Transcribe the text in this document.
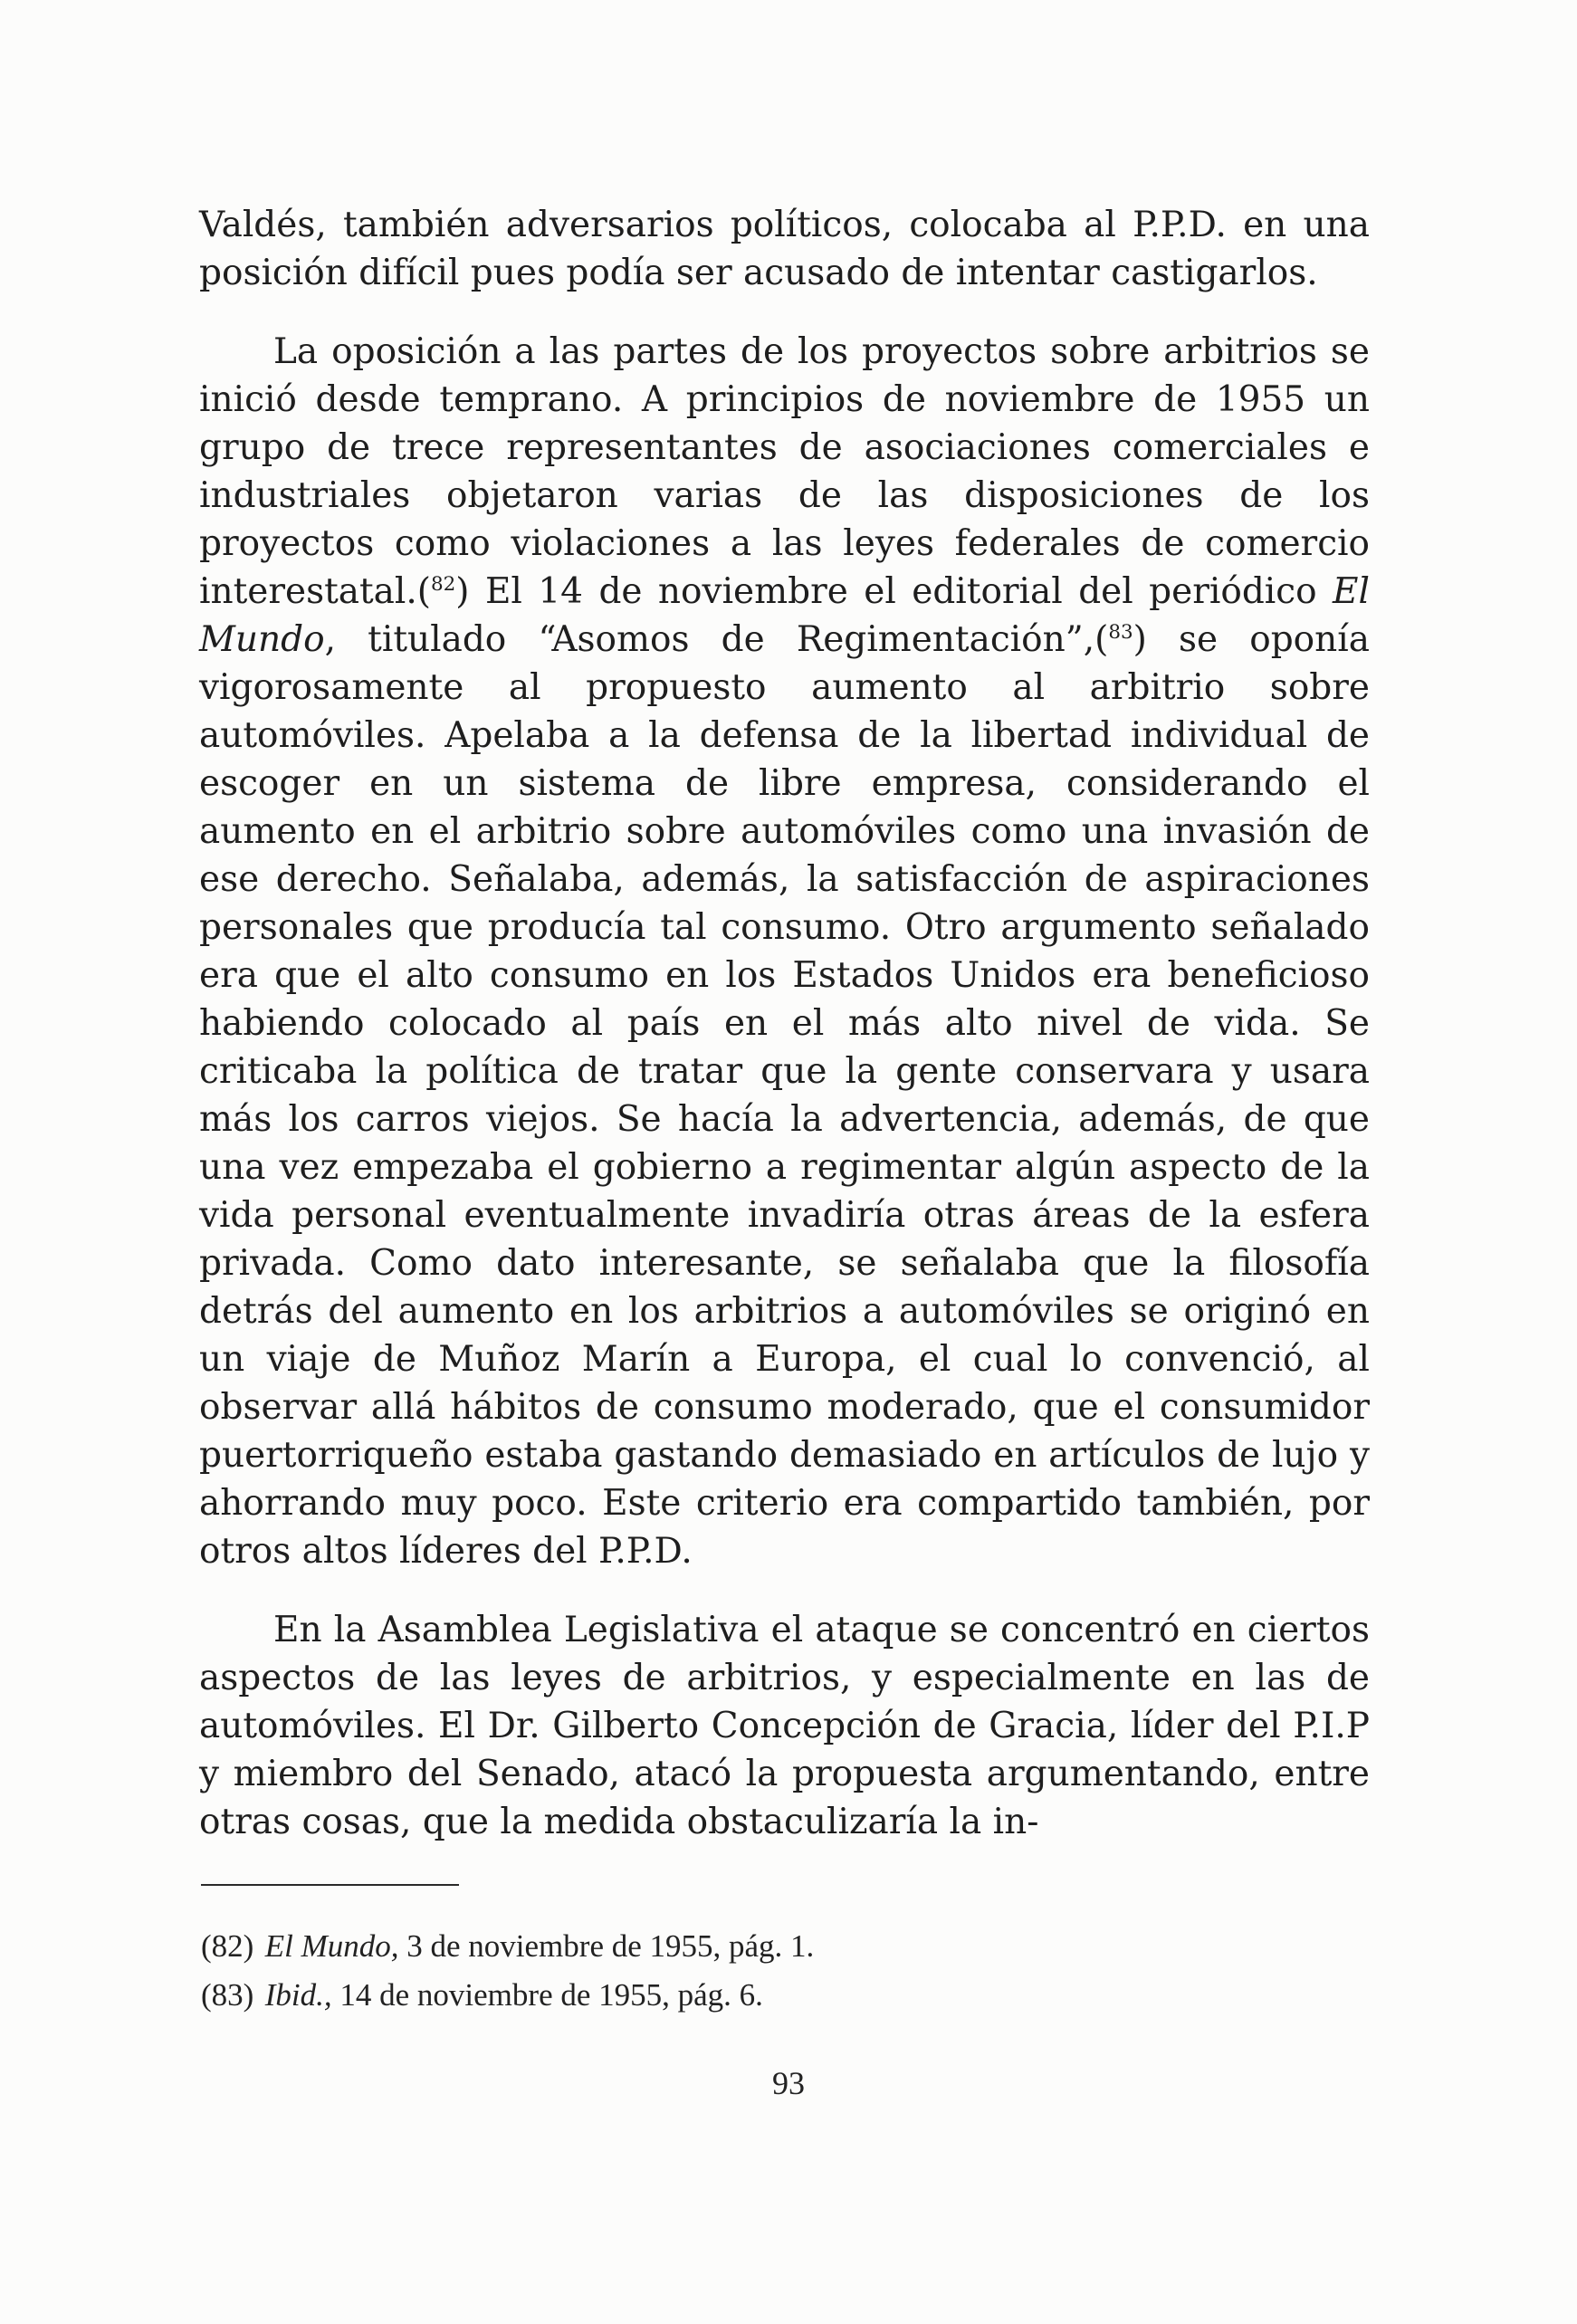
Valdés, también adversarios políticos, colocaba al P.P.D. en una posición difícil pues podía ser acusado de intentar castigarlos.

La oposición a las partes de los proyectos sobre arbitrios se inició desde temprano. A principios de noviembre de 1955 un grupo de trece representantes de asociaciones comerciales e industriales objetaron varias de las disposiciones de los proyectos como violaciones a las leyes federales de comercio interestatal.($^{82}$) El 14 de noviembre el editorial del periódico El Mundo, titulado “Asomos de Regimentación”,($^{83}$) se oponía vigorosamente al propuesto aumento al arbitrio sobre automóviles. Apelaba a la defensa de la libertad individual de escoger en un sistema de libre empresa, considerando el aumento en el arbitrio sobre automóviles como una invasión de ese derecho. Señalaba, además, la satisfacción de aspiraciones personales que producía tal consumo. Otro argumento señalado era que el alto consumo en los Estados Unidos era beneficioso habiendo colocado al país en el más alto nivel de vida. Se criticaba la política de tratar que la gente conservara y usara más los carros viejos. Se hacía la advertencia, además, de que una vez empezaba el gobierno a regimentar algún aspecto de la vida personal eventualmente invadiría otras áreas de la esfera privada. Como dato interesante, se señalaba que la filosofía detrás del aumento en los arbitrios a automóviles se originó en un viaje de Muñoz Marín a Europa, el cual lo convenció, al observar allá hábitos de consumo moderado, que el consumidor puertorriqueño estaba gastando demasiado en artículos de lujo y ahorrando muy poco. Este criterio era compartido también, por otros altos líderes del P.P.D.

En la Asamblea Legislativa el ataque se concentró en ciertos aspectos de las leyes de arbitrios, y especialmente en las de automóviles. El Dr. Gilberto Concepción de Gracia, líder del P.I.P y miembro del Senado, atacó la propuesta argumentando, entre otras cosas, que la medida obstaculizaría la in-

(82) El Mundo, 3 de noviembre de 1955, pág. 1.

(83) Ibid., 14 de noviembre de 1955, pág. 6.

93
